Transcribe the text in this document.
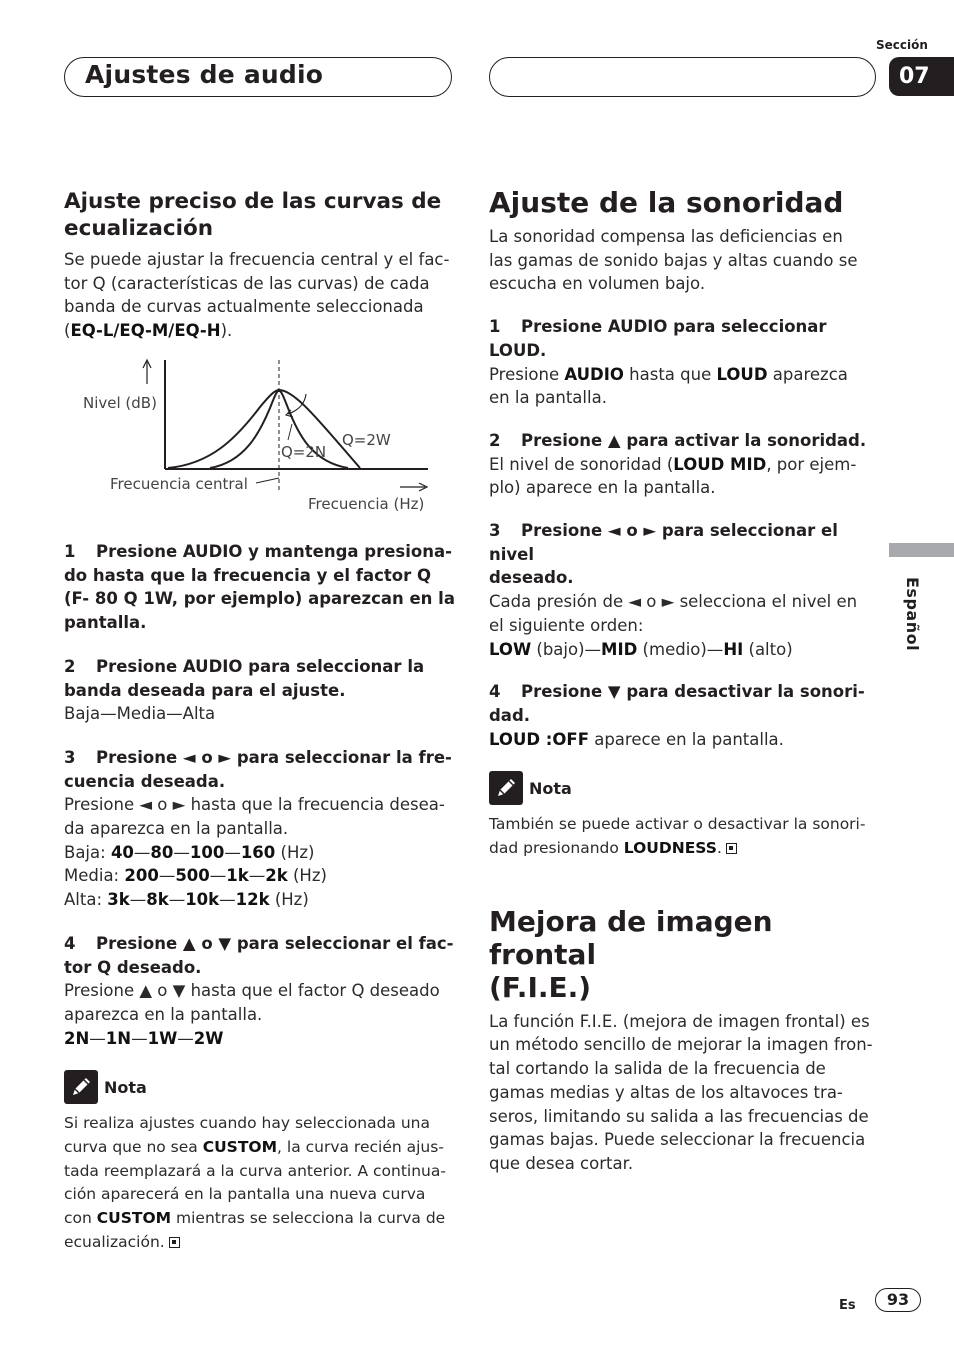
Ajustes de audio
Sección
07
Español
Ajuste preciso de las curvas de ecualización

Se puede ajustar la frecuencia central y el fac-

tor Q (características de las curvas) de cada

banda de curvas actualmente seleccionada

(EQ-L/EQ-M/EQ-H).

Nivel (dB)
Q=2N
Q=2W
Frecuencia central
Frecuencia (Hz)

1 Presione AUDIO y mantenga presiona-

do hasta que la frecuencia y el factor Q

(F- 80 Q 1W, por ejemplo) aparezcan en la

pantalla.

2 Presione AUDIO para seleccionar la

banda deseada para el ajuste.

Baja—Media—Alta

3 Presione ◄ o ► para seleccionar la fre-

cuencia deseada.

Presione ◄ o ► hasta que la frecuencia desea-

da aparezca en la pantalla.

Baja: 40—80—100—160 (Hz)

Media: 200—500—1k—2k (Hz)

Alta: 3k—8k—10k—12k (Hz)

4 Presione ▲ o ▼ para seleccionar el fac-

tor Q deseado.

Presione ▲ o ▼ hasta que el factor Q deseado

aparezca en la pantalla.

2N—1N—1W—2W

Nota

Si realiza ajustes cuando hay seleccionada una

curva que no sea CUSTOM, la curva recién ajus-

tada reemplazará a la curva anterior. A continua-

ción aparecerá en la pantalla una nueva curva

con CUSTOM mientras se selecciona la curva de

ecualización.

Ajuste de la sonoridad

La sonoridad compensa las deficiencias en

las gamas de sonido bajas y altas cuando se

escucha en volumen bajo.

1 Presione AUDIO para seleccionar LOUD.

Presione AUDIO hasta que LOUD aparezca

en la pantalla.

2 Presione ▲ para activar la sonoridad.

El nivel de sonoridad (LOUD MID, por ejem-

plo) aparece en la pantalla.

3 Presione ◄ o ► para seleccionar el nivel

deseado.

Cada presión de ◄ o ► selecciona el nivel en

el siguiente orden:

LOW (bajo)—MID (medio)—HI (alto)

4 Presione ▼ para desactivar la sonori-

dad.

LOUD :OFF aparece en la pantalla.

Nota

También se puede activar o desactivar la sonori-

dad presionando LOUDNESS.

Mejora de imagen frontal
(F.I.E.)

La función F.I.E. (mejora de imagen frontal) es

un método sencillo de mejorar la imagen fron-

tal cortando la salida de la frecuencia de

gamas medias y altas de los altavoces tra-

seros, limitando su salida a las frecuencias de

gamas bajas. Puede seleccionar la frecuencia

que desea cortar.

Es	93
